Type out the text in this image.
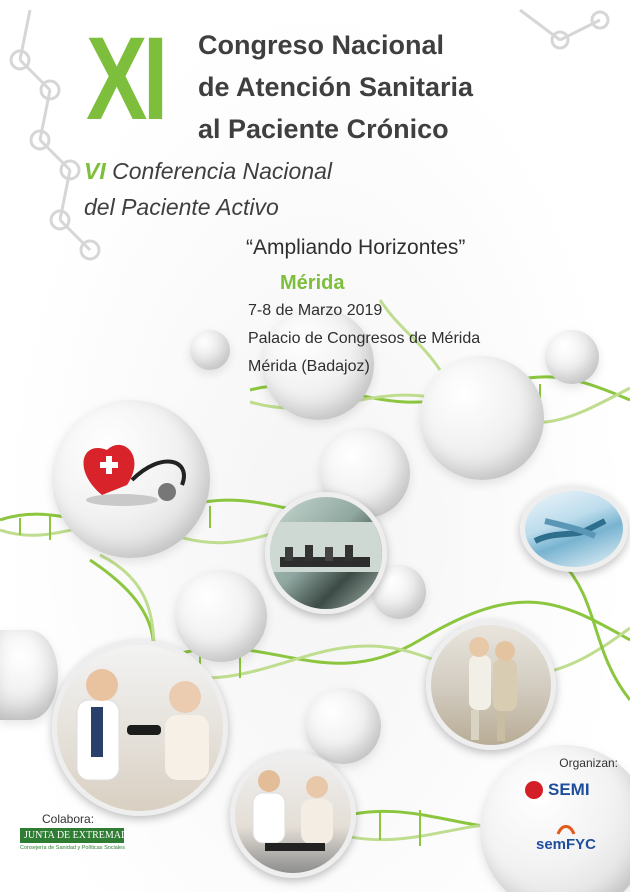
XI Congreso Nacional
de Atención Sanitaria
al Paciente Crónico
VI Conferencia Nacional
del Paciente Activo
“Ampliando Horizontes”
Mérida
7-8 de Marzo 2019
Palacio de Congresos de Mérida
Mérida (Badajoz)
Colabora:
JUNTA DE EXTREMADURA
Consejería de Sanidad y Políticas Sociales
Organizan:
SEMI
semFYC
